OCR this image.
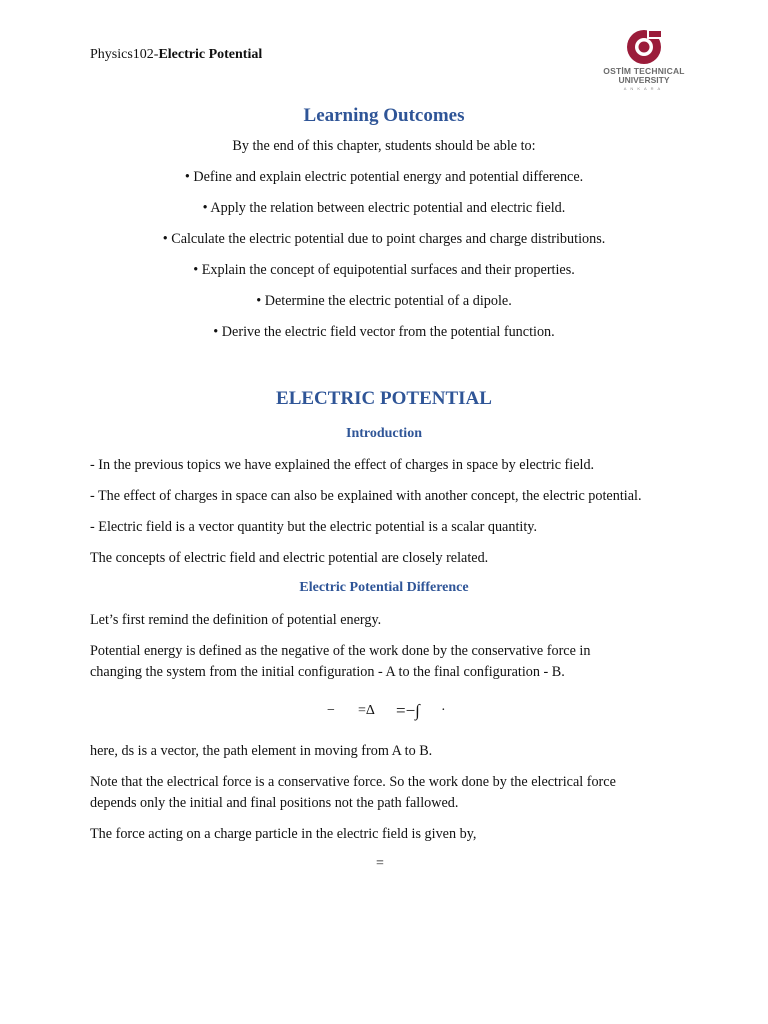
Physics102-Electric Potential
OSTİM TECHNICAL
UNIVERSITY
ANKARA
Learning Outcomes
By the end of this chapter, students should be able to:
• Define and explain electric potential energy and potential difference.
• Apply the relation between electric potential and electric field.
• Calculate the electric potential due to point charges and charge distributions.
• Explain the concept of equipotential surfaces and their properties.
• Determine the electric potential of a dipole.
• Derive the electric field vector from the potential function.
ELECTRIC POTENTIAL
Introduction
- In the previous topics we have explained the effect of charges in space by electric field.
- The effect of charges in space can also be explained with another concept, the electric potential.
- Electric field is a vector quantity but the electric potential is a scalar quantity.
The concepts of electric field and electric potential are closely related.
Electric Potential Difference
Let’s first remind the definition of potential energy.
Potential energy is defined as the negative of the work done by the conservative force in
changing the system from the initial configuration - A to the final configuration - B.
− =Δ =−∫ ·
here, ds is a vector, the path element in moving from A to B.
Note that the electrical force is a conservative force. So the work done by the electrical force
depends only the initial and final positions not the path fallowed.
The force acting on a charge particle in the electric field is given by,
=
